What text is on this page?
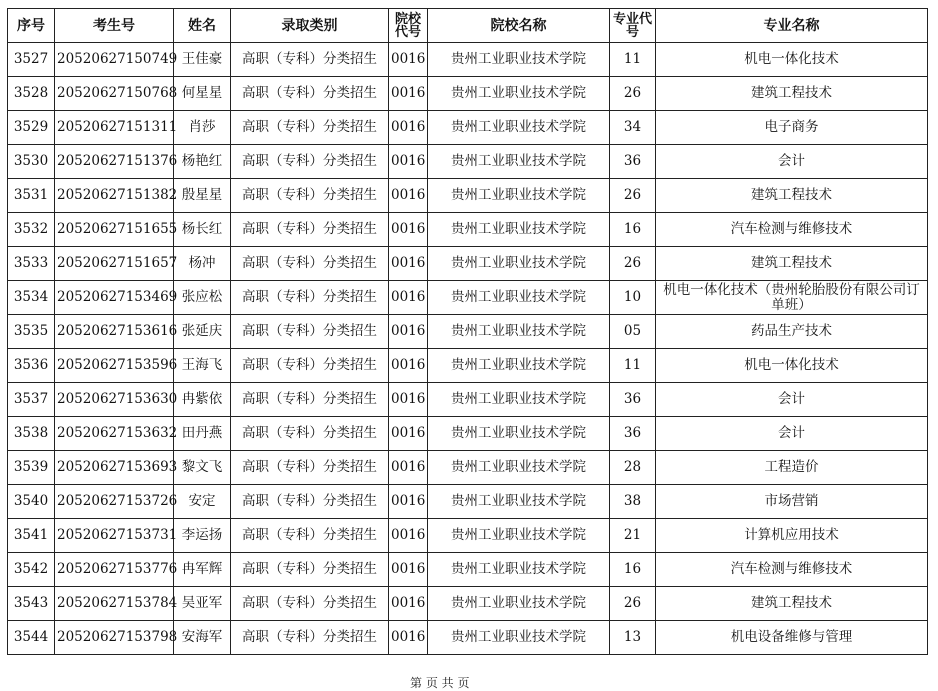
序号	考生号	姓名	录取类别	院校代号	院校名称	专业代号	专业名称
3527	20520627150749	王佳豪	高职（专科）分类招生	0016	贵州工业职业技术学院	11	机电一体化技术
3528	20520627150768	何星星	高职（专科）分类招生	0016	贵州工业职业技术学院	26	建筑工程技术
3529	20520627151311	肖莎	高职（专科）分类招生	0016	贵州工业职业技术学院	34	电子商务
3530	20520627151376	杨艳红	高职（专科）分类招生	0016	贵州工业职业技术学院	36	会计
3531	20520627151382	殷星星	高职（专科）分类招生	0016	贵州工业职业技术学院	26	建筑工程技术
3532	20520627151655	杨长红	高职（专科）分类招生	0016	贵州工业职业技术学院	16	汽车检测与维修技术
3533	20520627151657	杨冲	高职（专科）分类招生	0016	贵州工业职业技术学院	26	建筑工程技术
3534	20520627153469	张应松	高职（专科）分类招生	0016	贵州工业职业技术学院	10	机电一体化技术（贵州轮胎股份有限公司订单班）
3535	20520627153616	张延庆	高职（专科）分类招生	0016	贵州工业职业技术学院	05	药品生产技术
3536	20520627153596	王海飞	高职（专科）分类招生	0016	贵州工业职业技术学院	11	机电一体化技术
3537	20520627153630	冉紫依	高职（专科）分类招生	0016	贵州工业职业技术学院	36	会计
3538	20520627153632	田丹燕	高职（专科）分类招生	0016	贵州工业职业技术学院	36	会计
3539	20520627153693	黎文飞	高职（专科）分类招生	0016	贵州工业职业技术学院	28	工程造价
3540	20520627153726	安定	高职（专科）分类招生	0016	贵州工业职业技术学院	38	市场营销
3541	20520627153731	李运扬	高职（专科）分类招生	0016	贵州工业职业技术学院	21	计算机应用技术
3542	20520627153776	冉军辉	高职（专科）分类招生	0016	贵州工业职业技术学院	16	汽车检测与维修技术
3543	20520627153784	吴亚军	高职（专科）分类招生	0016	贵州工业职业技术学院	26	建筑工程技术
3544	20520627153798	安海军	高职（专科）分类招生	0016	贵州工业职业技术学院	13	机电设备维修与管理
第 页 共 页
